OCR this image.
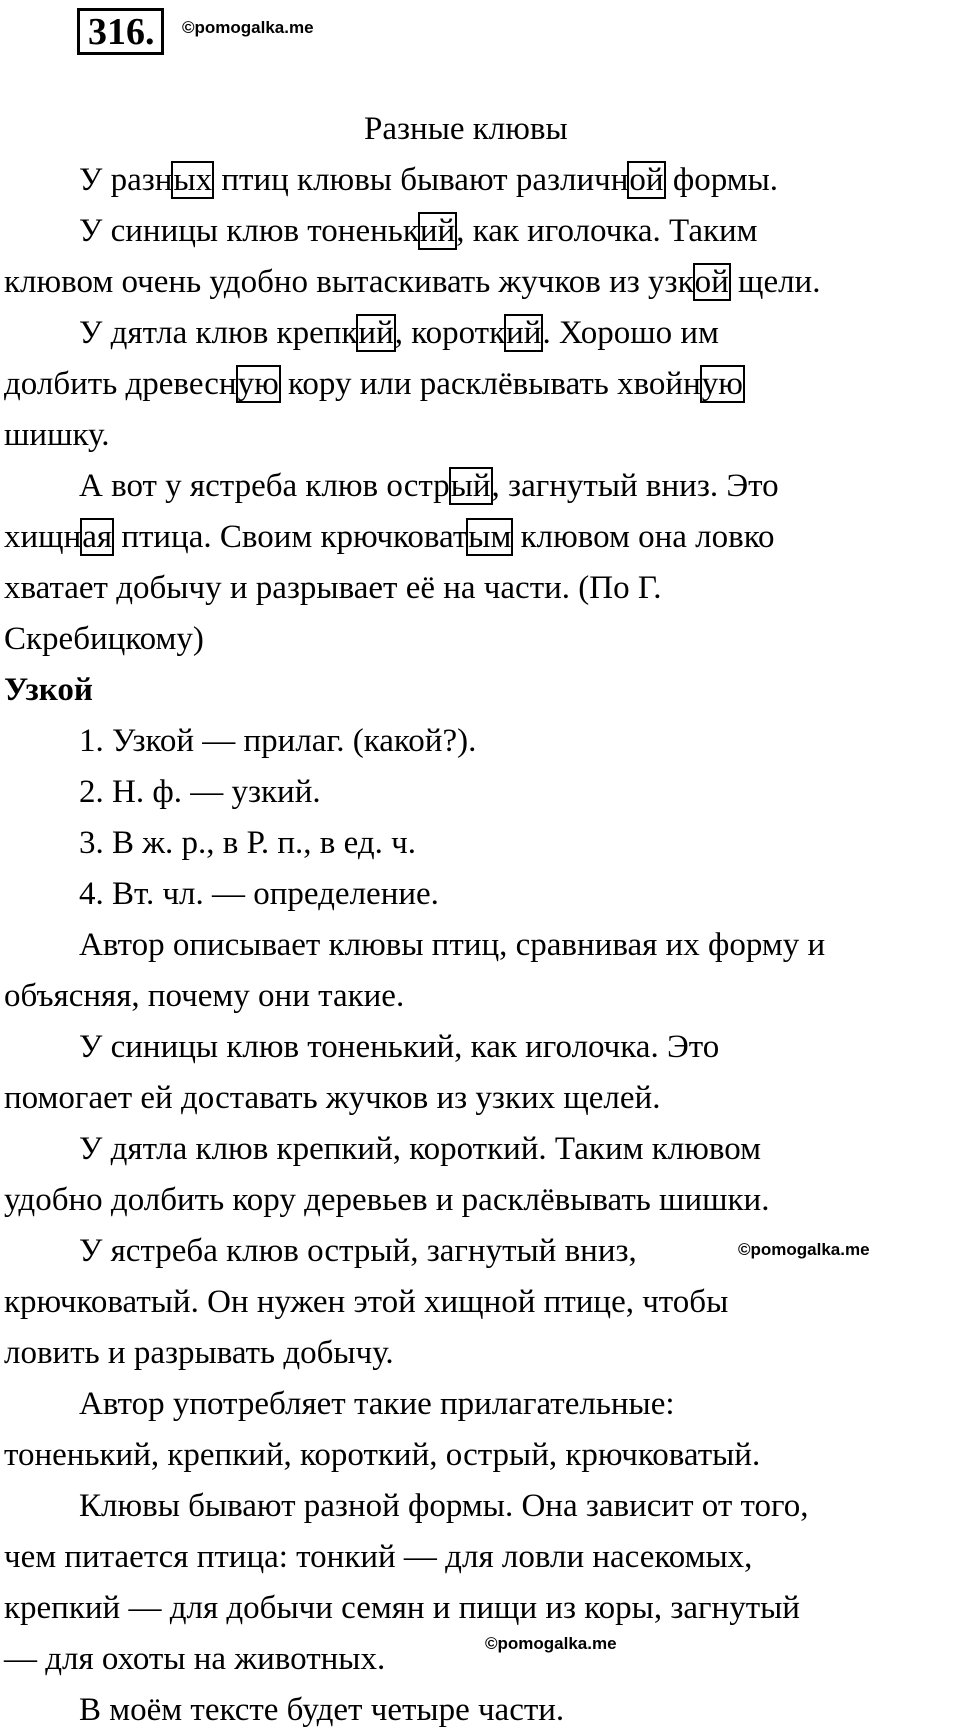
316.	©pomogalka.me
Разные клювы
У разных птиц клювы бывают различной формы.
У синицы клюв тоненький, как иголочка. Таким
клювом очень удобно вытаскивать жучков из узкой щели.
У дятла клюв крепкий, короткий. Хорошо им
долбить древесную кору или расклёвывать хвойную
шишку.
А вот у ястреба клюв острый, загнутый вниз. Это
хищная птица. Своим крючковатым клювом она ловко
хватает добычу и разрывает её на части. (По Г.
Скребицкому)
Узкой
1. Узкой — прилаг. (какой?).
2. Н. ф. — узкий.
3. В ж. р., в Р. п., в ед. ч.
4. Вт. чл. — определение.
Автор описывает клювы птиц, сравнивая их форму и
объясняя, почему они такие.
У синицы клюв тоненький, как иголочка. Это
помогает ей доставать жучков из узких щелей.
У дятла клюв крепкий, короткий. Таким клювом
удобно долбить кору деревьев и расклёвывать шишки.
У ястреба клюв острый, загнутый вниз,
крючковатый. Он нужен этой хищной птице, чтобы
ловить и разрывать добычу.
Автор употребляет такие прилагательные:
тоненький, крепкий, короткий, острый, крючковатый.
Клювы бывают разной формы. Она зависит от того,
чем питается птица: тонкий — для ловли насекомых,
крепкий — для добычи семян и пищи из коры, загнутый
— для охоты на животных.
В моём тексте будет четыре части.
©pomogalka.me
©pomogalka.me
